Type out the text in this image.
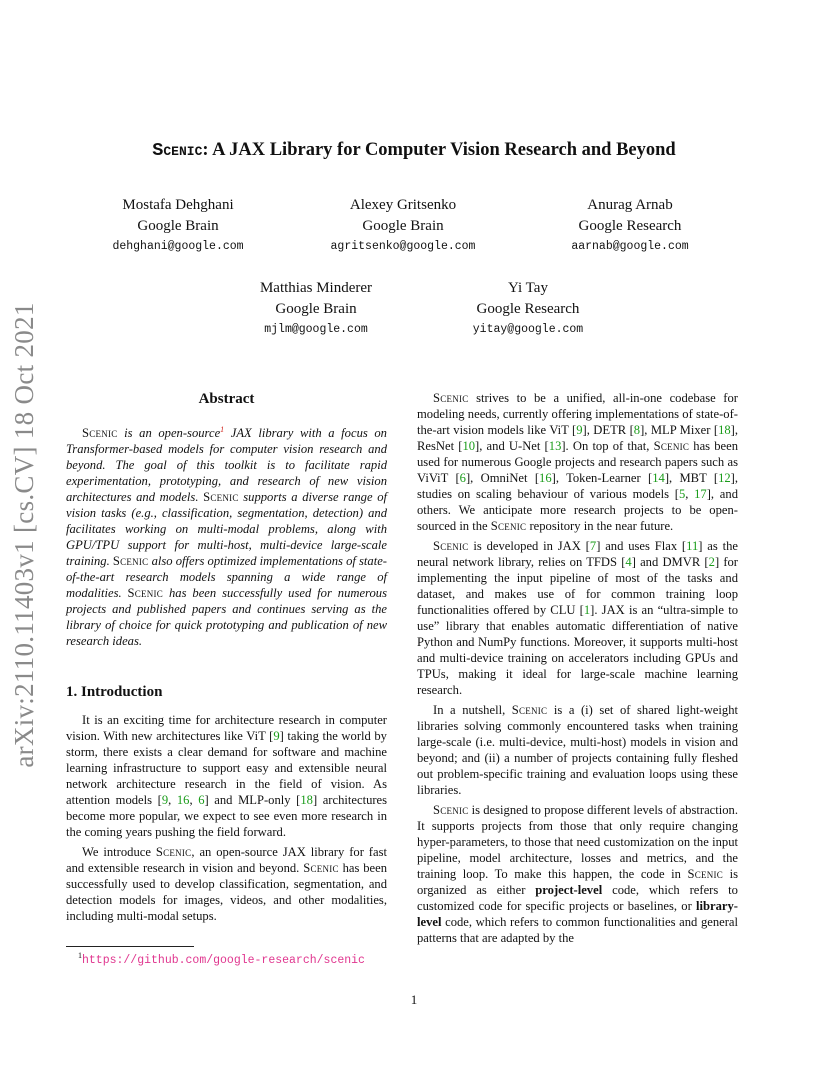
arXiv:2110.11403v1 [cs.CV] 18 Oct 2021
Scenic: A JAX Library for Computer Vision Research and Beyond
Mostafa Dehghani
Google Brain
dehghani@google.com
Alexey Gritsenko
Google Brain
agritsenko@google.com
Anurag Arnab
Google Research
aarnab@google.com
Matthias Minderer
Google Brain
mjlm@google.com
Yi Tay
Google Research
yitay@google.com
Abstract

Scenic is an open-source$^1$ JAX library with a focus on Transformer-based models for computer vision research and beyond. The goal of this toolkit is to facilitate rapid experimentation, prototyping, and research of new vision architectures and models. Scenic supports a diverse range of vision tasks (e.g., classification, segmentation, detection) and facilitates working on multi-modal problems, along with GPU/TPU support for multi-host, multi-device large-scale training. Scenic also offers optimized implementations of state-of-the-art research models spanning a wide range of modalities. Scenic has been successfully used for numerous projects and published papers and continues serving as the library of choice for quick prototyping and publication of new research ideas.

1. Introduction

It is an exciting time for architecture research in computer vision. With new architectures like ViT [9] taking the world by storm, there exists a clear demand for software and machine learning infrastructure to support easy and extensible neural network architecture research in the field of vision. As attention models [9, 16, 6] and MLP-only [18] architectures become more popular, we expect to see even more research in the coming years pushing the field forward.

We introduce Scenic, an open-source JAX library for fast and extensible research in vision and beyond. Scenic has been successfully used to develop classification, segmentation, and detection models for images, videos, and other modalities, including multi-modal setups.

$^1$https://github.com/google-research/scenic

Scenic strives to be a unified, all-in-one codebase for modeling needs, currently offering implementations of state-of-the-art vision models like ViT [9], DETR [8], MLP Mixer [18], ResNet [10], and U-Net [13]. On top of that, Scenic has been used for numerous Google projects and research papers such as ViViT [6], OmniNet [16], Token-Learner [14], MBT [12], studies on scaling behaviour of various models [5, 17], and others. We anticipate more research projects to be open-sourced in the Scenic repository in the near future.

Scenic is developed in JAX [7] and uses Flax [11] as the neural network library, relies on TFDS [4] and DMVR [2] for implementing the input pipeline of most of the tasks and dataset, and makes use of for common training loop functionalities offered by CLU [1]. JAX is an “ultra-simple to use” library that enables automatic differentiation of native Python and NumPy functions. Moreover, it supports multi-host and multi-device training on accelerators including GPUs and TPUs, making it ideal for large-scale machine learning research.

In a nutshell, Scenic is a (i) set of shared light-weight libraries solving commonly encountered tasks when training large-scale (i.e. multi-device, multi-host) models in vision and beyond; and (ii) a number of projects containing fully fleshed out problem-specific training and evaluation loops using these libraries.

Scenic is designed to propose different levels of abstraction. It supports projects from those that only require changing hyper-parameters, to those that need customization on the input pipeline, model architecture, losses and metrics, and the training loop. To make this happen, the code in Scenic is organized as either project-level code, which refers to customized code for specific projects or baselines, or library-level code, which refers to common functionalities and general patterns that are adapted by the

1
